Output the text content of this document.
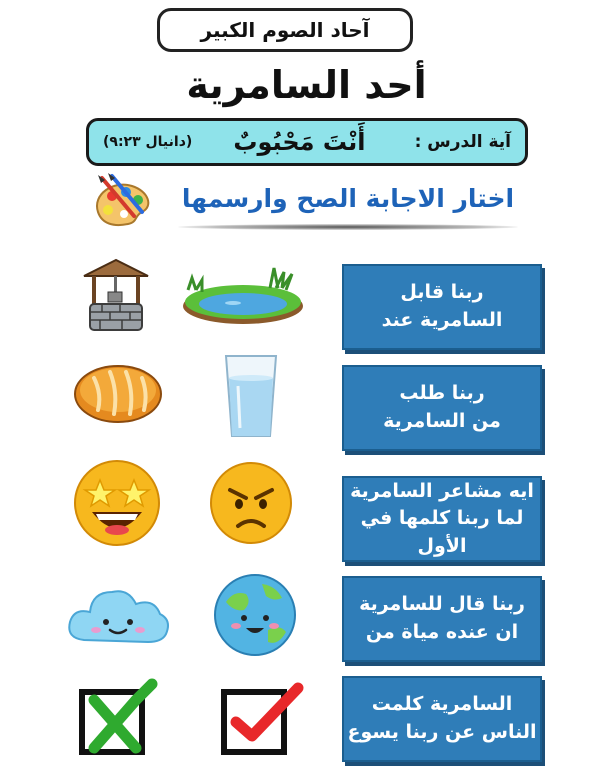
آحاد الصوم الكبير
أحد السامرية
آية الدرس :
أَنْتَ مَحْبُوبٌ
(دانيال ٩:٢٣)
اختار الاجابة الصح وارسمها
ربنا قابل
السامرية عند
ربنا طلب
من السامرية
ايه مشاعر السامرية
لما ربنا كلمها في الأول
ربنا قال للسامرية
ان عنده مياة من
السامرية كلمت
الناس عن ربنا يسوع
